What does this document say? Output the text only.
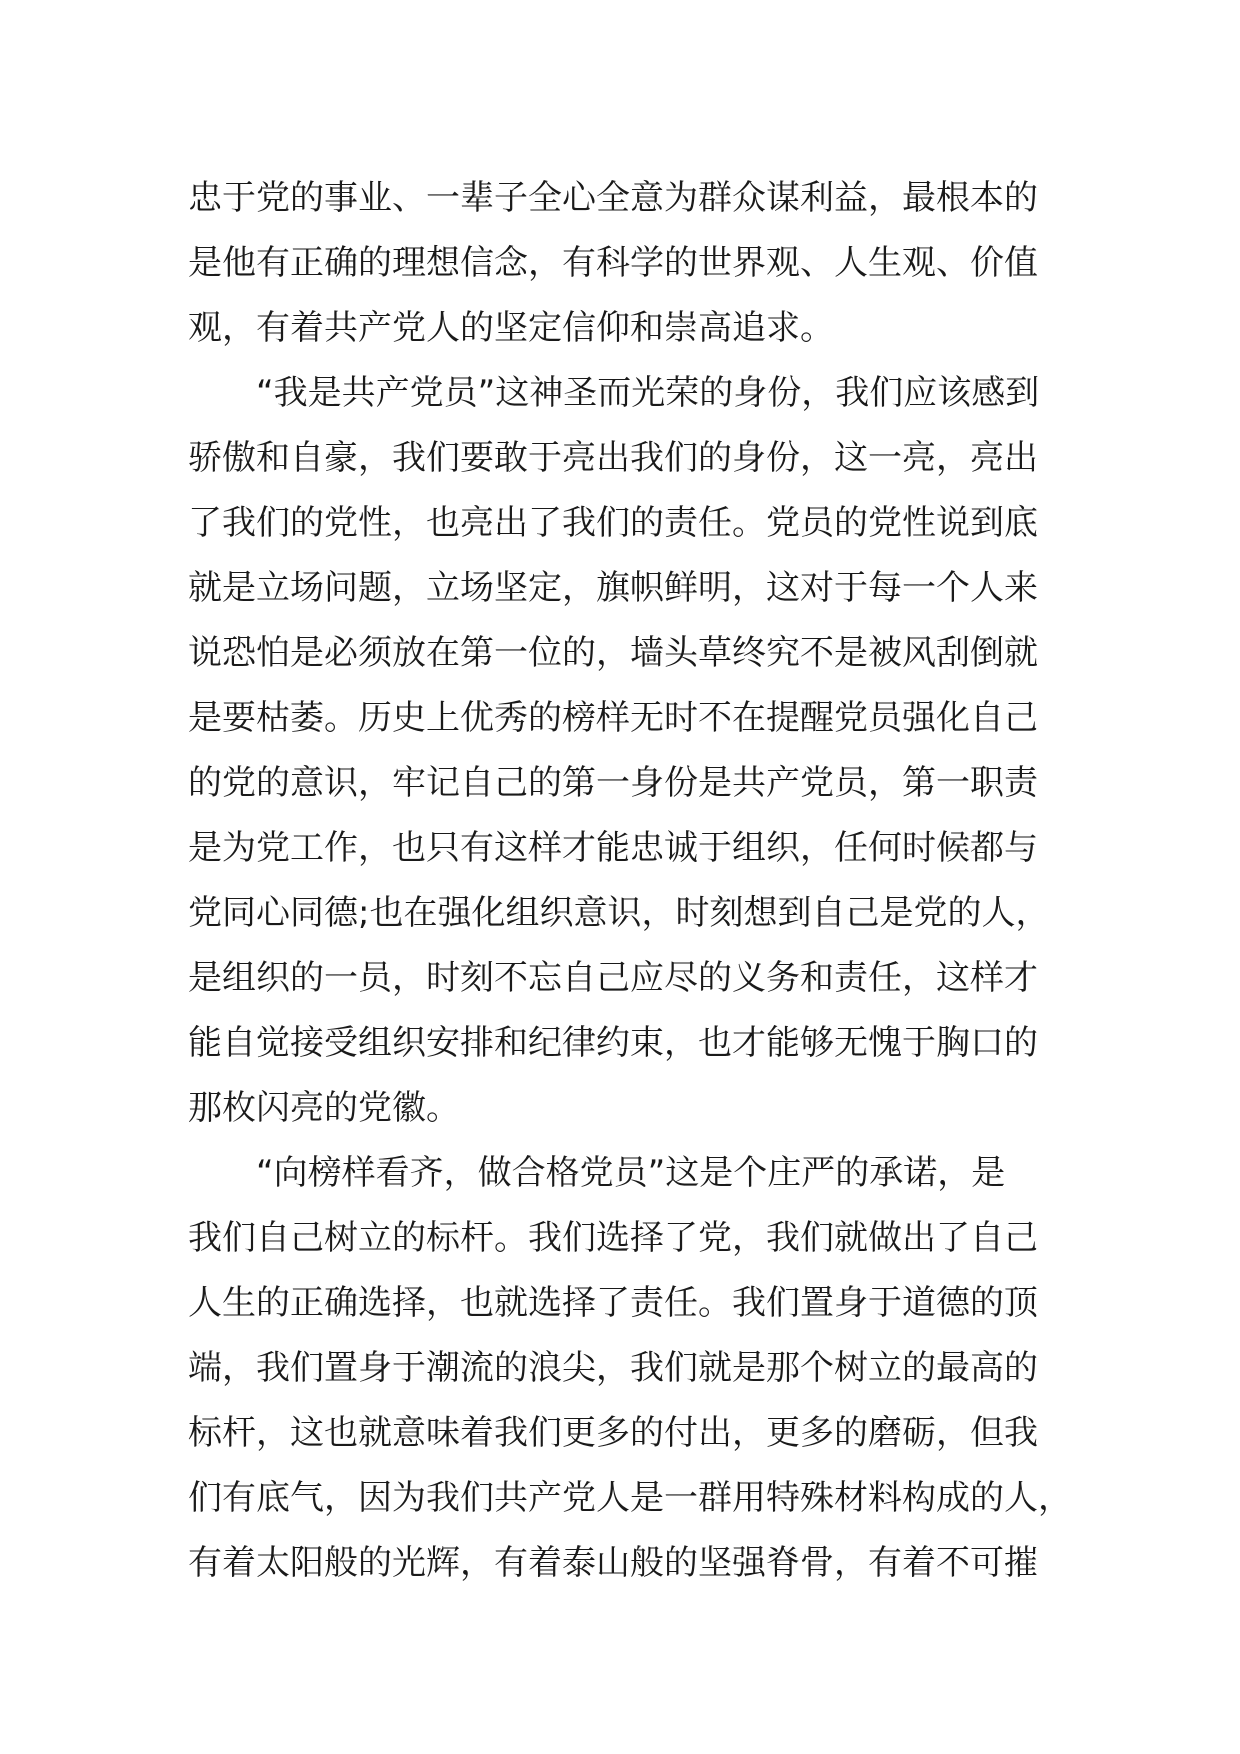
忠于党的事业、一辈子全心全意为群众谋利益，最根本的
是他有正确的理想信念，有科学的世界观、人生观、价值
观，有着共产党人的坚定信仰和崇高追求。
“我是共产党员”这神圣而光荣的身份，我们应该感到
骄傲和自豪，我们要敢于亮出我们的身份，这一亮，亮出
了我们的党性，也亮出了我们的责任。党员的党性说到底
就是立场问题，立场坚定，旗帜鲜明，这对于每一个人来
说恐怕是必须放在第一位的，墙头草终究不是被风刮倒就
是要枯萎。历史上优秀的榜样无时不在提醒党员强化自己
的党的意识，牢记自己的第一身份是共产党员，第一职责
是为党工作，也只有这样才能忠诚于组织，任何时候都与
党同心同德;也在强化组织意识，时刻想到自己是党的人，
是组织的一员，时刻不忘自己应尽的义务和责任，这样才
能自觉接受组织安排和纪律约束，也才能够无愧于胸口的
那枚闪亮的党徽。
“向榜样看齐，做合格党员”这是个庄严的承诺，是
我们自己树立的标杆。我们选择了党，我们就做出了自己
人生的正确选择，也就选择了责任。我们置身于道德的顶
端，我们置身于潮流的浪尖，我们就是那个树立的最高的
标杆，这也就意味着我们更多的付出，更多的磨砺，但我
们有底气，因为我们共产党人是一群用特殊材料构成的人，
有着太阳般的光辉，有着泰山般的坚强脊骨，有着不可摧
